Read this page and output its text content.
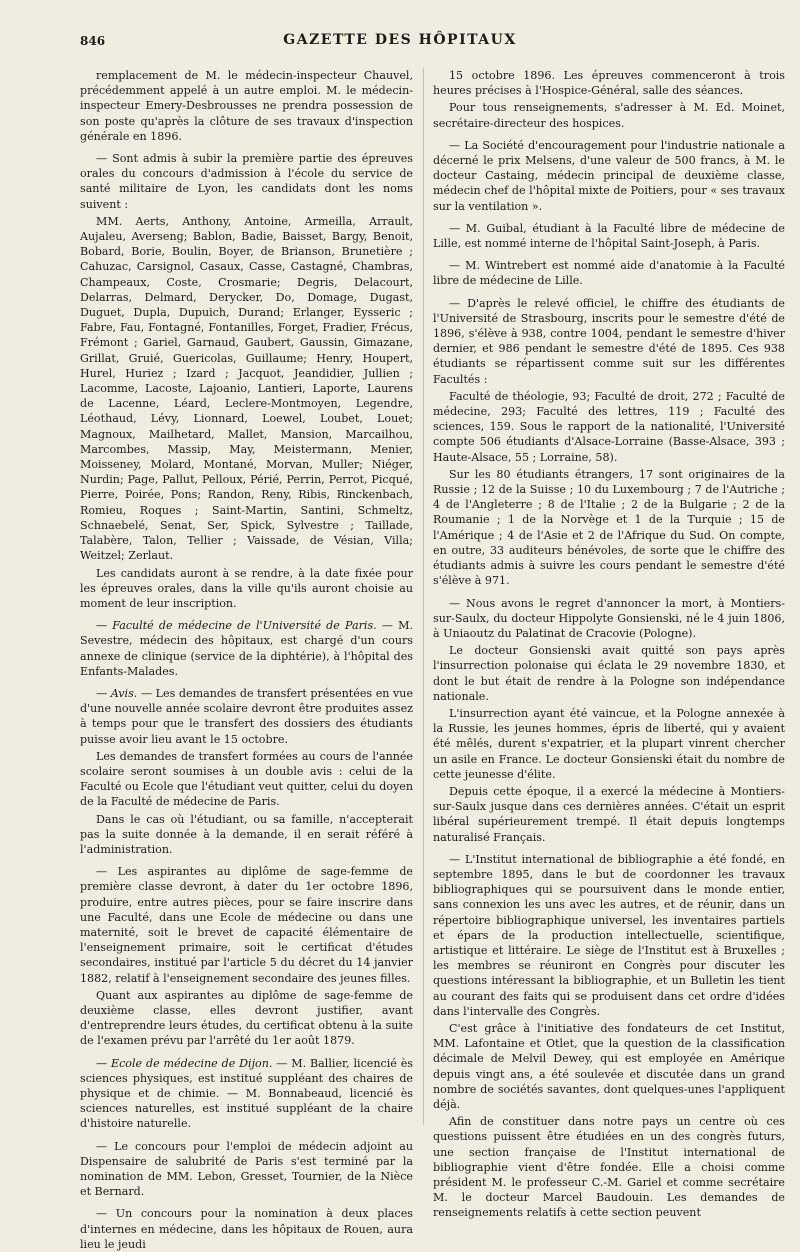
846	GAZETTE DES HÔPITAUX

remplacement de M. le médecin-inspecteur Chauvel, précédemment appelé à un autre emploi. M. le médecin-inspecteur Emery-Desbrousses ne prendra possession de son poste qu'après la clôture de ses travaux d'inspection générale en 1896.

— Sont admis à subir la première partie des épreuves orales du concours d'admission à l'école du service de santé militaire de Lyon, les candidats dont les noms suivent :

MM. Aerts, Anthony, Antoine, Armeilla, Arrault, Aujaleu, Averseng; Bablon, Badie, Baisset, Bargy, Benoit, Bobard, Borie, Boulin, Boyer, de Brianson, Brunetière ; Cahuzac, Carsignol, Casaux, Casse, Castagné, Chambras, Champeaux, Coste, Crosmarie; Degris, Delacourt, Delarras, Delmard, Derycker, Do, Domage, Dugast, Duguet, Dupla, Dupuich, Durand; Erlanger, Eysseric ; Fabre, Fau, Fontagné, Fontanilles, Forget, Fradier, Frécus, Frémont ; Gariel, Garnaud, Gaubert, Gaussin, Gimazane, Grillat, Gruié, Guericolas, Guillaume; Henry, Houpert, Hurel, Huriez ; Izard ; Jacquot, Jeandidier, Jullien ; Lacomme, Lacoste, Lajoanio, Lantieri, Laporte, Laurens de Lacenne, Léard, Leclere-Montmoyen, Legendre, Léothaud, Lévy, Lionnard, Loewel, Loubet, Louet; Magnoux, Mailhetard, Mallet, Mansion, Marcailhou, Marcombes, Massip, May, Meistermann, Menier, Moisseney, Molard, Montané, Morvan, Muller; Niéger, Nurdin; Page, Pallut, Pelloux, Périé, Perrin, Perrot, Picqué, Pierre, Poirée, Pons; Randon, Reny, Ribis, Rinckenbach, Romieu, Roques ; Saint-Martin, Santini, Schmeltz, Schnaebelé, Senat, Ser, Spick, Sylvestre ; Taillade, Talabère, Talon, Tellier ; Vaissade, de Vésian, Villa; Weitzel; Zerlaut.

Les candidats auront à se rendre, à la date fixée pour les épreuves orales, dans la ville qu'ils auront choisie au moment de leur inscription.

— Faculté de médecine de l'Université de Paris. — M. Sevestre, médecin des hôpitaux, est chargé d'un cours annexe de clinique (service de la diphtérie), à l'hôpital des Enfants-Malades.

— Avis. — Les demandes de transfert présentées en vue d'une nouvelle année scolaire devront être produites assez à temps pour que le transfert des dossiers des étudiants puisse avoir lieu avant le 15 octobre.

Les demandes de transfert formées au cours de l'année scolaire seront soumises à un double avis : celui de la Faculté ou Ecole que l'étudiant veut quitter, celui du doyen de la Faculté de médecine de Paris.

Dans le cas où l'étudiant, ou sa famille, n'accepterait pas la suite donnée à la demande, il en serait référé à l'administration.

— Les aspirantes au diplôme de sage-femme de première classe devront, à dater du 1er octobre 1896, produire, entre autres pièces, pour se faire inscrire dans une Faculté, dans une Ecole de médecine ou dans une maternité, soit le brevet de capacité élémentaire de l'enseignement primaire, soit le certificat d'études secondaires, institué par l'article 5 du décret du 14 janvier 1882, relatif à l'enseignement secondaire des jeunes filles.

Quant aux aspirantes au diplôme de sage-femme de deuxième classe, elles devront justifier, avant d'entreprendre leurs études, du certificat obtenu à la suite de l'examen prévu par l'arrêté du 1er août 1879.

— Ecole de médecine de Dijon. — M. Ballier, licencié ès sciences physiques, est institué suppléant des chaires de physique et de chimie. — M. Bonnabeaud, licencié ès sciences naturelles, est institué suppléant de la chaire d'histoire naturelle.

— Le concours pour l'emploi de médecin adjoint au Dispensaire de salubrité de Paris s'est terminé par la nomination de MM. Lebon, Gresset, Tournier, de la Nièce et Bernard.

— Un concours pour la nomination à deux places d'internes en médecine, dans les hôpitaux de Rouen, aura lieu le jeudi

15 octobre 1896. Les épreuves commenceront à trois heures précises à l'Hospice-Général, salle des séances.

Pour tous renseignements, s'adresser à M. Ed. Moinet, secrétaire-directeur des hospices.

— La Société d'encouragement pour l'industrie nationale a décerné le prix Melsens, d'une valeur de 500 francs, à M. le docteur Castaing, médecin principal de deuxième classe, médecin chef de l'hôpital mixte de Poitiers, pour « ses travaux sur la ventilation ».

— M. Guibal, étudiant à la Faculté libre de médecine de Lille, est nommé interne de l'hôpital Saint-Joseph, à Paris.

— M. Wintrebert est nommé aide d'anatomie à la Faculté libre de médecine de Lille.

— D'après le relevé officiel, le chiffre des étudiants de l'Université de Strasbourg, inscrits pour le semestre d'été de 1896, s'élève à 938, contre 1004, pendant le semestre d'hiver dernier, et 986 pendant le semestre d'été de 1895. Ces 938 étudiants se répartissent comme suit sur les différentes Facultés :

Faculté de théologie, 93; Faculté de droit, 272 ; Faculté de médecine, 293; Faculté des lettres, 119 ; Faculté des sciences, 159. Sous le rapport de la nationalité, l'Université compte 506 étudiants d'Alsace-Lorraine (Basse-Alsace, 393 ; Haute-Alsace, 55 ; Lorraine, 58).

Sur les 80 étudiants étrangers, 17 sont originaires de la Russie ; 12 de la Suisse ; 10 du Luxembourg ; 7 de l'Autriche ; 4 de l'Angleterre ; 8 de l'Italie ; 2 de la Bulgarie ; 2 de la Roumanie ; 1 de la Norvège et 1 de la Turquie ; 15 de l'Amérique ; 4 de l'Asie et 2 de l'Afrique du Sud. On compte, en outre, 33 auditeurs bénévoles, de sorte que le chiffre des étudiants admis à suivre les cours pendant le semestre d'été s'élève à 971.

— Nous avons le regret d'annoncer la mort, à Montiers-sur-Saulx, du docteur Hippolyte Gonsienski, né le 4 juin 1806, à Uniaoutz du Palatinat de Cracovie (Pologne).

Le docteur Gonsienski avait quitté son pays après l'insurrection polonaise qui éclata le 29 novembre 1830, et dont le but était de rendre à la Pologne son indépendance nationale.

L'insurrection ayant été vaincue, et la Pologne annexée à la Russie, les jeunes hommes, épris de liberté, qui y avaient été mêlés, durent s'expatrier, et la plupart vinrent chercher un asile en France. Le docteur Gonsienski était du nombre de cette jeunesse d'élite.

Depuis cette époque, il a exercé la médecine à Montiers-sur-Saulx jusque dans ces dernières années. C'était un esprit libéral supérieurement trempé. Il était depuis longtemps naturalisé Français.

— L'Institut international de bibliographie a été fondé, en septembre 1895, dans le but de coordonner les travaux bibliographiques qui se poursuivent dans le monde entier, sans connexion les uns avec les autres, et de réunir, dans un répertoire bibliographique universel, les inventaires partiels et épars de la production intellectuelle, scientifique, artistique et littéraire. Le siège de l'Institut est à Bruxelles ; les membres se réuniront en Congrès pour discuter les questions intéressant la bibliographie, et un Bulletin les tient au courant des faits qui se produisent dans cet ordre d'idées dans l'intervalle des Congrès.

C'est grâce à l'initiative des fondateurs de cet Institut, MM. Lafontaine et Otlet, que la question de la classification décimale de Melvil Dewey, qui est employée en Amérique depuis vingt ans, a été soulevée et discutée dans un grand nombre de sociétés savantes, dont quelques-unes l'appliquent déjà.

Afin de constituer dans notre pays un centre où ces questions puissent être étudiées en un des congrès futurs, une section française de l'Institut international de bibliographie vient d'être fondée. Elle a choisi comme président M. le professeur C.-M. Gariel et comme secrétaire M. le docteur Marcel Baudouin. Les demandes de renseignements relatifs à cette section peuvent
